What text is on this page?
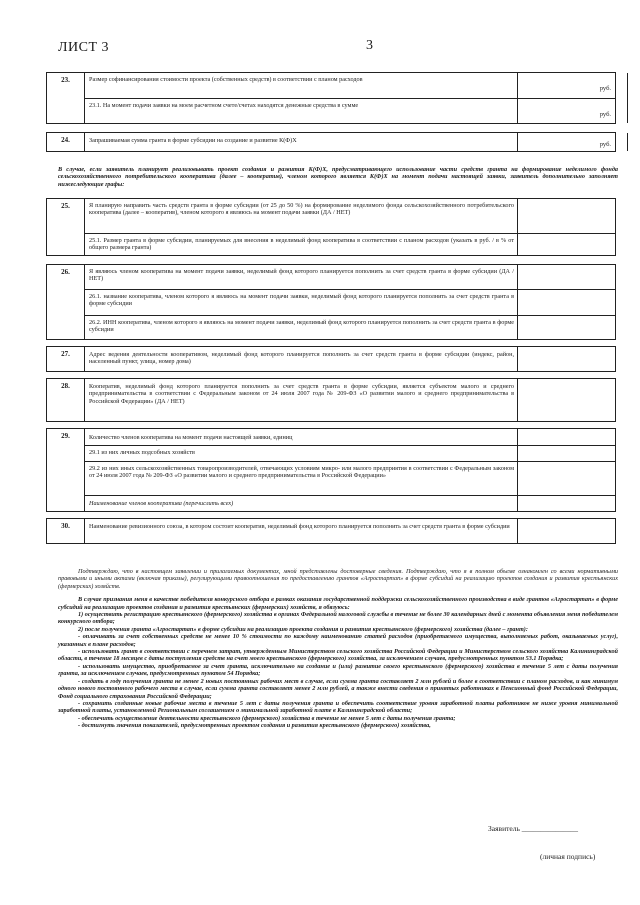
ЛИСТ 3	3
23.	Размер софинансирования стоимости проекта (собственных средств) в соответствии с планом расходов
руб.
23.1. На момент подачи заявки на моем расчетном счете/счетах находятся денежные средства в сумме
руб.
24.	Запрашиваемая сумма гранта в форме субсидии на создание и развитие К(Ф)Х
руб.
В случае, если заявитель планирует реализовывать проект создания и развития К(Ф)Х, предусматривающего использование части средств гранта на формирование неделимого фонда сельскохозяйственного потребительского кооператива (далее – кооператив), членом которого является К(Ф)Х на момент подачи настоящей заявки, заявитель дополнительно заполняет нижеследующие графы:
25.	Я планирую направить часть средств гранта в форме субсидии (от 25 до 50 %) на формирование неделимого фонда сельскохозяйственного потребительского кооператива (далее – кооператив), членом которого я являюсь на момент подачи заявки (ДА / НЕТ)
25.1. Размер гранта в форме субсидии, планируемых для внесения в неделимый фонд кооператива в соответствии с планом расходов (указать в руб. / в % от общего размера гранта)
26.	Я являюсь членом кооператива на момент подачи заявки, неделимый фонд которого планируется пополнить за счет средств гранта в форме субсидии (ДА / НЕТ)
26.1. название кооператива, членом которого я являюсь на момент подачи заявки, неделимый фонд которого планируется пополнить за счет средств гранта в форме субсидии
26.2. ИНН кооператива, членом которого я являюсь на момент подачи заявки, неделимый фонд которого планируется пополнить за счет средств гранта в форме субсидии
27.	Адрес ведения деятельности кооперативом, неделимый фонд которого планируется пополнить за счет средств гранта в форме субсидии (индекс, район, населенный пункт, улица, номер дома)
28.	Кооператив, неделимый фонд которого планируется пополнить за счет средств гранта в форме субсидии, является субъектом малого и среднего предпринимательства в соответствии с Федеральным законом от 24 июля 2007 года № 209-ФЗ «О развитии малого и среднего предпринимательства в Российской Федерации» (ДА / НЕТ)
29.	Количество членов кооператива на момент подачи настоящей заявки, единиц
29.1 из них личных подсобных хозяйств
29.2 из них иных сельскохозяйственных товаропроизводителей, отвечающих условиям микро- или малого предприятия в соответствии с Федеральным законом от 24 июля 2007 года № 209-ФЗ «О развитии малого и среднего предпринимательства в Российской Федерации»
Наименование членов кооператива (перечислить всех)
30.	Наименование ревизионного союза, в котором состоит кооператив, неделимый фонд которого планируется пополнить за счет средств гранта в форме субсидии

Подтверждаю, что в настоящем заявлении и прилагаемых документах, мной представлены достоверные сведения. Подтверждаю, что я в полном объеме ознакомлен со всеми нормативными правовыми и иными актами (включая приказы), регулирующими правоотношения по предоставлению грантов «Агростартап» в форме субсидий на реализацию проектов создания и развития крестьянских (фермерских) хозяйств.

В случае признания меня в качестве победителя конкурсного отбора в рамках оказания государственной поддержки сельскохозяйственного производства в виде грантов «Агростартап» в форме субсидий на реализацию проектов создания и развития крестьянских (фермерских) хозяйств, я обязуюсь:

1) осуществить регистрацию крестьянского (фермерского) хозяйства в органах Федеральной налоговой службы в течение не более 30 календарных дней с момента объявления меня победителем конкурсного отбора;

2) после получения гранта «Агростартап» в форме субсидии на реализацию проекта создания и развития крестьянского (фермерского) хозяйства (далее – грант):

- оплачивать за счет собственных средств не менее 10 % стоимости по каждому наименованию статей расходов (приобретаемого имущества, выполняемых работ, оказываемых услуг), указанных в плане расходов;

- использовать грант в соответствии с перечнем затрат, утвержденным Министерством сельского хозяйства Российской Федерации и Министерством сельского хозяйства Калининградской области, в течение 18 месяцев с даты поступления средств на счет моего крестьянского (фермерского) хозяйства, за исключением случаев, предусмотренных пунктом 53.1 Порядка;

- использовать имущество, приобретаемое за счет гранта, исключительно на создание и (или) развитие своего крестьянского (фермерского) хозяйства в течение 5 лет с даты получения гранта, за исключением случаев, предусмотренных пунктом 54 Порядка;

- создать в году получения гранта не менее 2 новых постоянных рабочих мест в случае, если сумма гранта составляет 2 млн рублей и более в соответствии с планом расходов, и как минимум одного нового постоянного рабочего места в случае, если сумма гранта составляет менее 2 млн рублей, а также внести сведения о принятых работниках в Пенсионный фонд Российской Федерации, Фонд социального страхования Российской Федерации;

- сохранить созданные новые рабочие места в течение 5 лет с даты получения гранта и обеспечить соответствие уровня заработной платы работников не ниже уровня минимальной заработной платы, установленной Региональным соглашением о минимальной заработной плате в Калининградской области;

- обеспечить осуществление деятельности крестьянского (фермерского) хозяйства в течение не менее 5 лет с даты получения гранта;

- достигнуть значения показателей, предусмотренных проектом создания и развития крестьянского (фермерского) хозяйства,

Заявитель _______________
(личная подпись)
